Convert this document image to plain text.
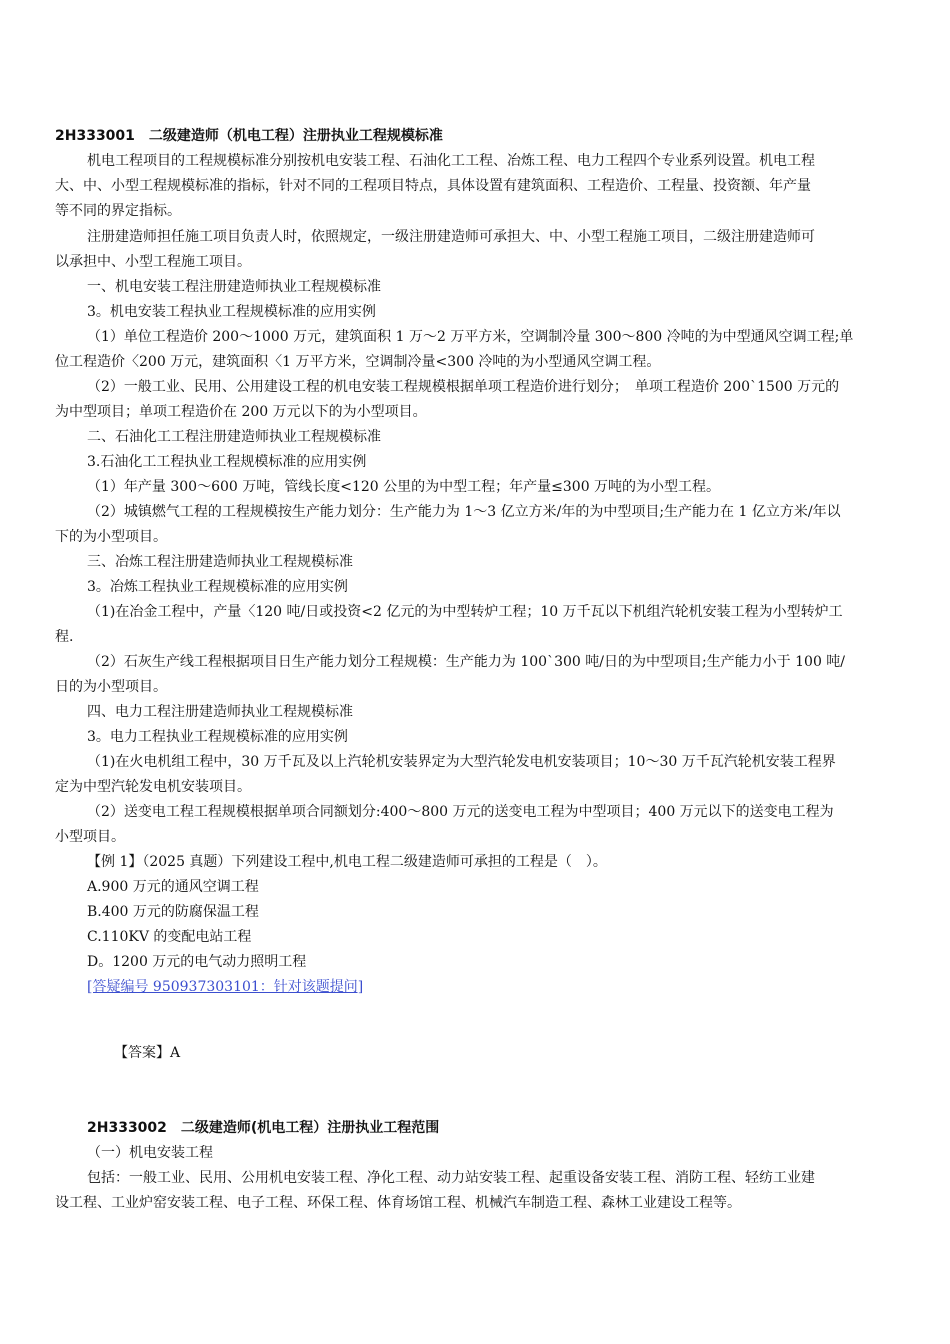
2H333001　二级建造师（机电工程）注册执业工程规模标准
机电工程项目的工程规模标准分别按机电安装工程、石油化工工程、冶炼工程、电力工程四个专业系列设置。机电工程
大、中、小型工程规模标准的指标，针对不同的工程项目特点，具体设置有建筑面积、工程造价、工程量、投资额、年产量
等不同的界定指标。
注册建造师担任施工项目负责人时，依照规定，一级注册建造师可承担大、中、小型工程施工项目，二级注册建造师可
以承担中、小型工程施工项目。
一、机电安装工程注册建造师执业工程规模标准
3。机电安装工程执业工程规模标准的应用实例
（1）单位工程造价 200～1000 万元，建筑面积 1 万～2 万平方米，空调制冷量 300～800 冷吨的为中型通风空调工程;单
位工程造价〈200 万元，建筑面积〈1 万平方米，空调制冷量<300 冷吨的为小型通风空调工程。
（2）一般工业、民用、公用建设工程的机电安装工程规模根据单项工程造价进行划分；　单项工程造价 200`1500 万元的
为中型项目；单项工程造价在 200 万元以下的为小型项目。
二、石油化工工程注册建造师执业工程规模标准
3.石油化工工程执业工程规模标准的应用实例
（1）年产量 300～600 万吨，管线长度<120 公里的为中型工程；年产量≤300 万吨的为小型工程。
（2）城镇燃气工程的工程规模按生产能力划分：生产能力为 1～3 亿立方米/年的为中型项目;生产能力在 1 亿立方米/年以
下的为小型项目。
三、冶炼工程注册建造师执业工程规模标准
3。冶炼工程执业工程规模标准的应用实例
（1)在冶金工程中，产量〈120 吨/日或投资<2 亿元的为中型转炉工程；10 万千瓦以下机组汽轮机安装工程为小型转炉工
程.
（2）石灰生产线工程根据项目日生产能力划分工程规模：生产能力为 100`300 吨/日的为中型项目;生产能力小于 100 吨/
日的为小型项目。
四、电力工程注册建造师执业工程规模标准
3。电力工程执业工程规模标准的应用实例
（1)在火电机组工程中，30 万千瓦及以上汽轮机安装界定为大型汽轮发电机安装项目；10～30 万千瓦汽轮机安装工程界
定为中型汽轮发电机安装项目。
（2）送变电工程工程规模根据单项合同额划分:400～800 万元的送变电工程为中型项目；400 万元以下的送变电工程为
小型项目。
【例 1】（2025 真题）下列建设工程中,机电工程二级建造师可承担的工程是（　）。
A.900 万元的通风空调工程
B.400 万元的防腐保温工程
C.110KV 的变配电站工程
D。1200 万元的电气动力照明工程
[答疑编号 950937303101：针对该题提问]
【答案】A
2H333002　二级建造师(机电工程）注册执业工程范围
（一）机电安装工程
包括：一般工业、民用、公用机电安装工程、净化工程、动力站安装工程、起重设备安装工程、消防工程、轻纺工业建
设工程、工业炉窑安装工程、电子工程、环保工程、体育场馆工程、机械汽车制造工程、森林工业建设工程等。
